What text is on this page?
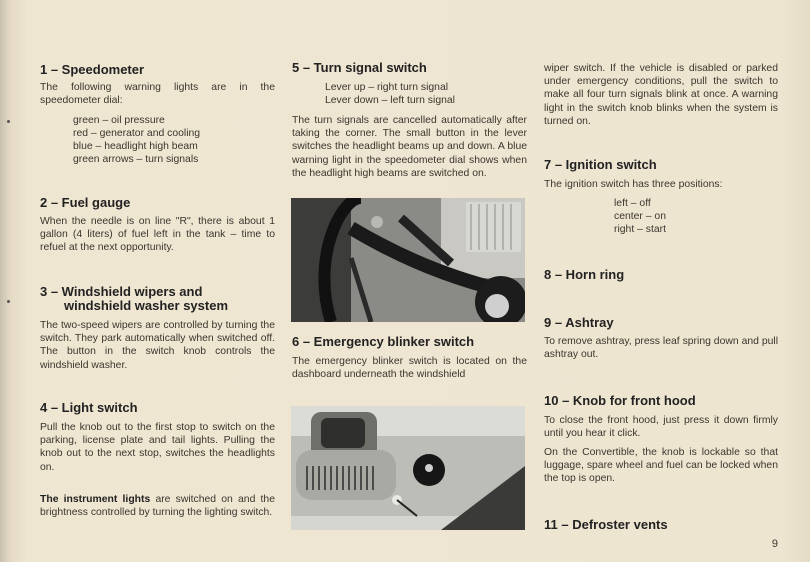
1 – Speedometer

The following warning lights are in the speedometer dial:

green – oil pressure

red – generator and cooling

blue – headlight high beam

green arrows – turn signals

2 – Fuel gauge

When the needle is on line "R", there is about 1 gallon (4 liters) of fuel left in the tank – time to refuel at the next opportunity.

3 – Windshield wipers and
windshield washer system

The two-speed wipers are controlled by turning the switch. They park automatically when switched off. The button in the switch knob controls the windshield washer.

4 – Light switch

Pull the knob out to the first stop to switch on the parking, license plate and tail lights. Pulling the knob out to the next stop, switches the headlights on.

The instrument lights are switched on and the brightness controlled by turning the lighting switch.

5 – Turn signal switch

Lever up – right turn signal

Lever down – left turn signal

The turn signals are cancelled automatically after taking the corner. The small button in the lever switches the headlight beams up and down. A blue warning light in the speedometer dial shows when the headlight high beams are switched on.

6 – Emergency blinker switch

The emergency blinker switch is located on the dashboard underneath the windshield

wiper switch. If the vehicle is disabled or parked under emergency conditions, pull the switch to make all four turn signals blink at once. A warning light in the switch knob blinks when the system is turned on.

7 – Ignition switch

The ignition switch has three positions:

left – off

center – on

right – start

8 – Horn ring
9 – Ashtray

To remove ashtray, press leaf spring down and pull ashtray out.

10 – Knob for front hood

To close the front hood, just press it down firmly until you hear it click.

On the Convertible, the knob is lockable so that luggage, spare wheel and fuel can be locked when the top is open.

11 – Defroster vents
9
